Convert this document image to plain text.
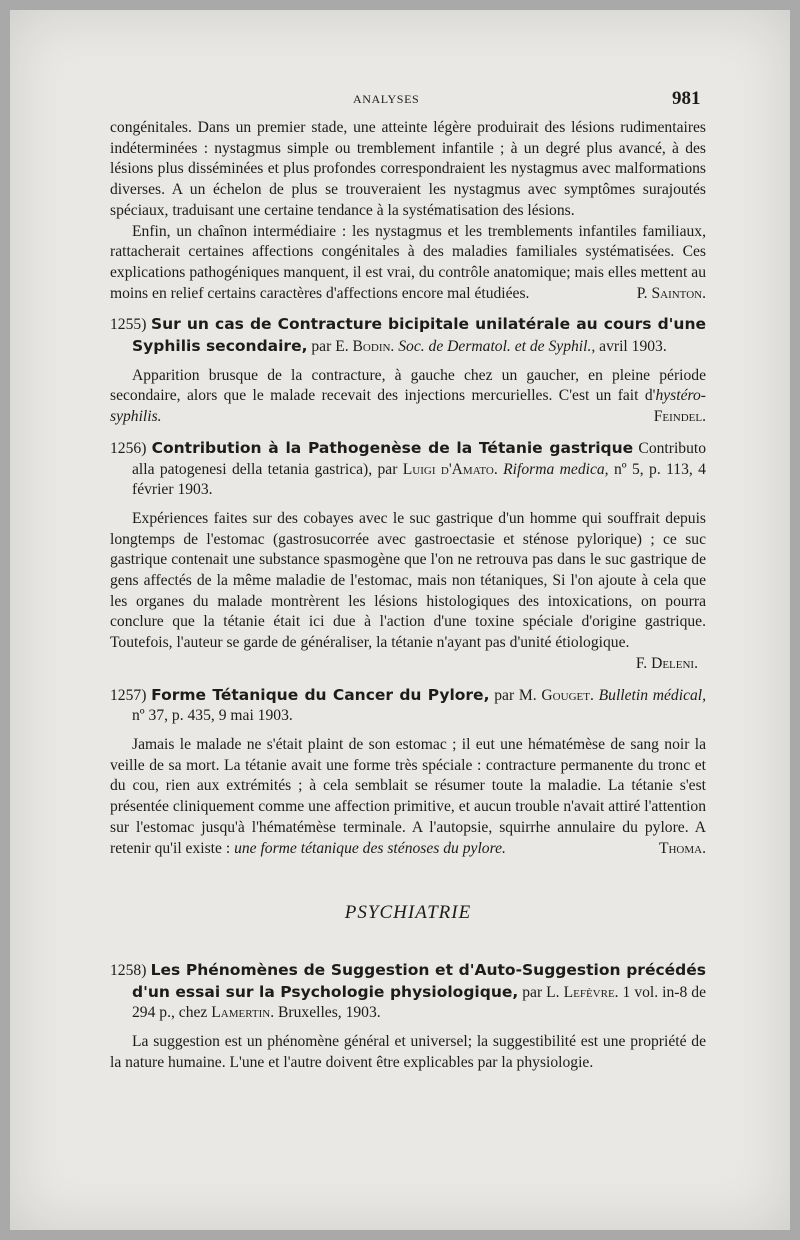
ANALYSES	981

congénitales. Dans un premier stade, une atteinte légère produirait des lésions rudimentaires indéterminées : nystagmus simple ou tremblement infantile ; à un degré plus avancé, à des lésions plus disséminées et plus profondes correspondraient les nystagmus avec malformations diverses. A un échelon de plus se trouveraient les nystagmus avec symptômes surajoutés spéciaux, traduisant une certaine tendance à la systématisation des lésions.

Enfin, un chaînon intermédiaire : les nystagmus et les tremblements infantiles familiaux, rattacherait certaines affections congénitales à des maladies familiales systématisées. Ces explications pathogéniques manquent, il est vrai, du contrôle anatomique; mais elles mettent au moins en relief certains caractères d'affections encore mal étudiées.	P. Sainton.

1255) Sur un cas de Contracture bicipitale unilatérale au cours d'une Syphilis secondaire, par E. Bodin. Soc. de Dermatol. et de Syphil., avril 1903.

Apparition brusque de la contracture, à gauche chez un gaucher, en pleine période secondaire, alors que le malade recevait des injections mercurielles. C'est un fait d'hystéro-syphilis.	Feindel.

1256) Contribution à la Pathogenèse de la Tétanie gastrique Contributo alla patogenesi della tetania gastrica), par Luigi d'Amato. Riforma medica, nº 5, p. 113, 4 février 1903.

Expériences faites sur des cobayes avec le suc gastrique d'un homme qui souffrait depuis longtemps de l'estomac (gastrosucorrée avec gastroectasie et sténose pylorique) ; ce suc gastrique contenait une substance spasmogène que l'on ne retrouva pas dans le suc gastrique de gens affectés de la même maladie de l'estomac, mais non tétaniques, Si l'on ajoute à cela que les organes du malade montrèrent les lésions histologiques des intoxications, on pourra conclure que la tétanie était ici due à l'action d'une toxine spéciale d'origine gastrique. Toutefois, l'auteur se garde de généraliser, la tétanie n'ayant pas d'unité étiologique.

F. Deleni.
1257) Forme Tétanique du Cancer du Pylore, par M. Gouget. Bulletin médical, nº 37, p. 435, 9 mai 1903.

Jamais le malade ne s'était plaint de son estomac ; il eut une hématémèse de sang noir la veille de sa mort. La tétanie avait une forme très spéciale : contracture permanente du tronc et du cou, rien aux extrémités ; à cela semblait se résumer toute la maladie. La tétanie s'est présentée cliniquement comme une affection primitive, et aucun trouble n'avait attiré l'attention sur l'estomac jusqu'à l'hématémèse terminale. A l'autopsie, squirrhe annulaire du pylore. A retenir qu'il existe : une forme tétanique des sténoses du pylore.	Thoma.

PSYCHIATRIE
1258) Les Phénomènes de Suggestion et d'Auto-Suggestion précédés d'un essai sur la Psychologie physiologique, par L. Lefèvre. 1 vol. in-8 de 294 p., chez Lamertin. Bruxelles, 1903.

La suggestion est un phénomène général et universel; la suggestibilité est une propriété de la nature humaine. L'une et l'autre doivent être explicables par la physiologie.
